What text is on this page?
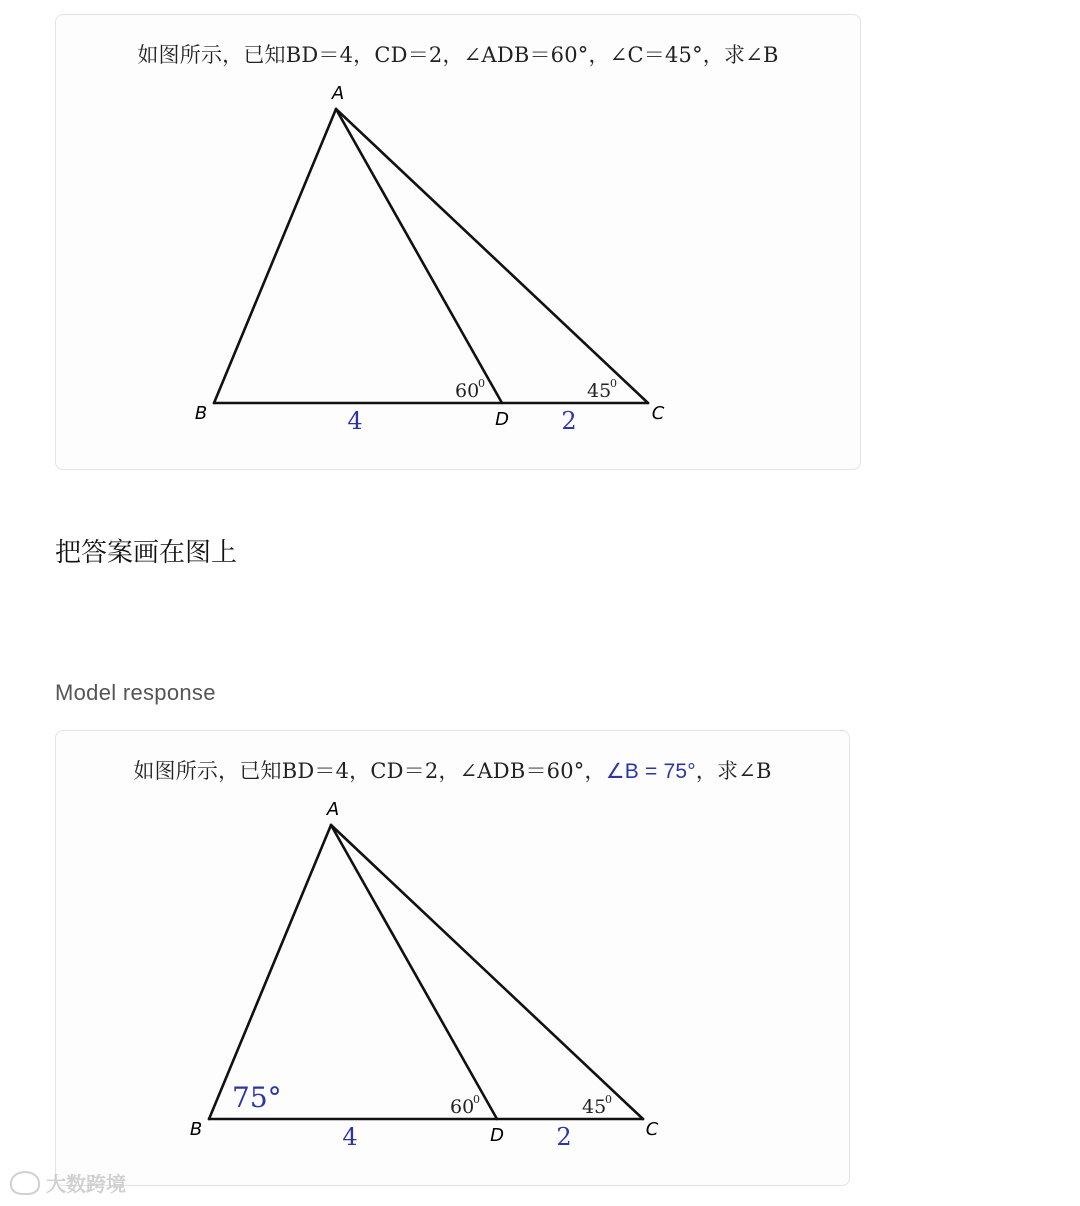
如图所示，已知BD＝4，CD＝2，∠ADB＝60°，∠C＝45°，求∠B
A
B	D	C
4	2
60
0	45
0
把答案画在图上
Model response
如图所示，已知BD＝4，CD＝2，∠ADB＝60°，∠B = 75°，求∠B
A
B	D	C
4	2
60
0	45
0
75°
大数跨境
